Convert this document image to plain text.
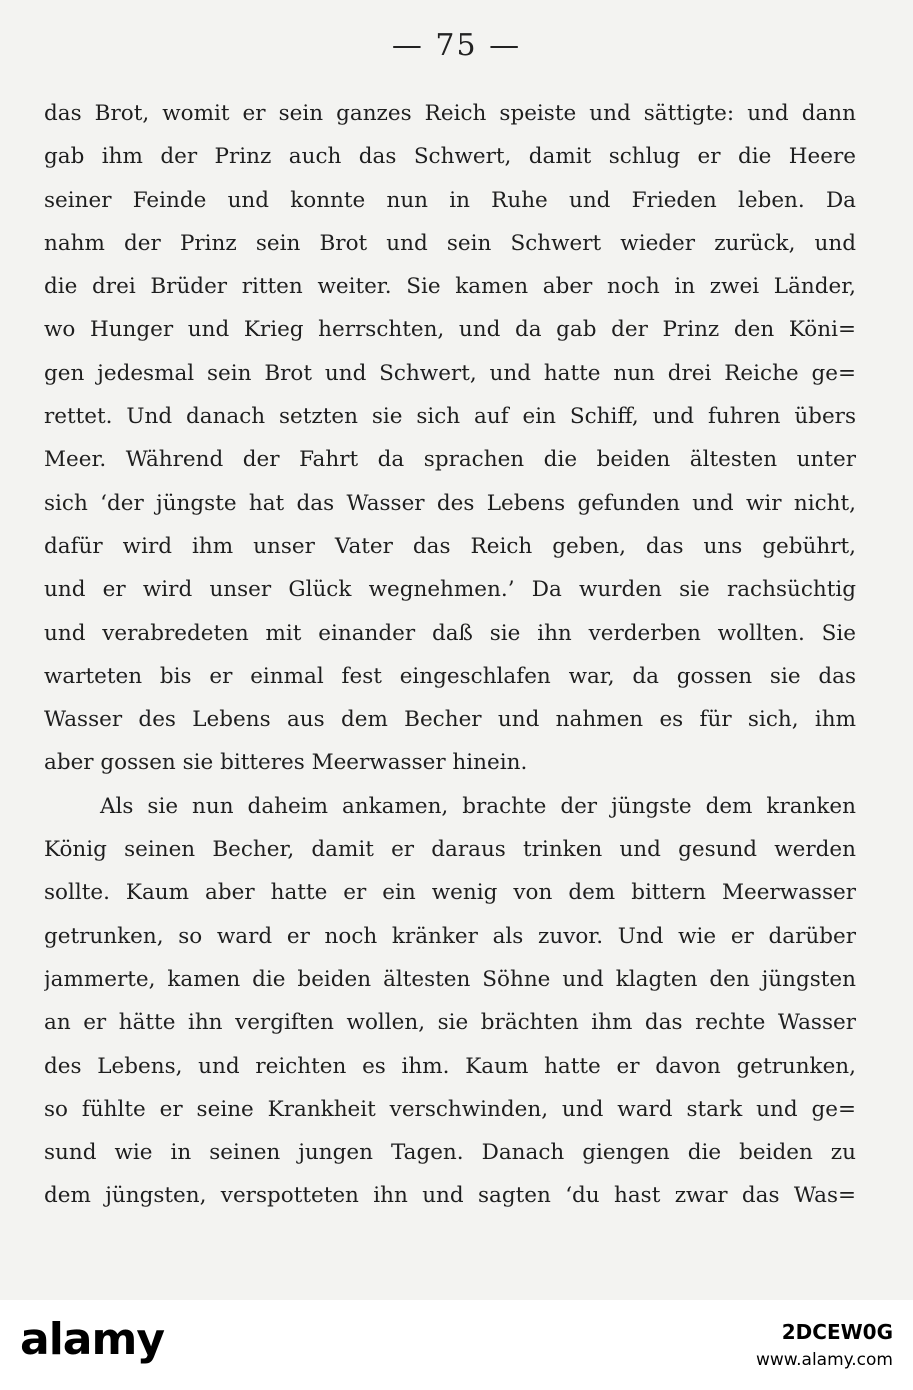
— 75 —
das Brot, womit er sein ganzes Reich speiste und sättigte: und dann
gab ihm der Prinz auch das Schwert, damit schlug er die Heere
seiner Feinde und konnte nun in Ruhe und Frieden leben. Da
nahm der Prinz sein Brot und sein Schwert wieder zurück, und
die drei Brüder ritten weiter. Sie kamen aber noch in zwei Länder,
wo Hunger und Krieg herrschten, und da gab der Prinz den Köni=
gen jedesmal sein Brot und Schwert, und hatte nun drei Reiche ge=
rettet. Und danach setzten sie sich auf ein Schiff, und fuhren übers
Meer. Während der Fahrt da sprachen die beiden ältesten unter
sich ‘der jüngste hat das Wasser des Lebens gefunden und wir nicht,
dafür wird ihm unser Vater das Reich geben, das uns gebührt,
und er wird unser Glück wegnehmen.’ Da wurden sie rachsüchtig
und verabredeten mit einander daß sie ihn verderben wollten. Sie
warteten bis er einmal fest eingeschlafen war, da gossen sie das
Wasser des Lebens aus dem Becher und nahmen es für sich, ihm
aber gossen sie bitteres Meerwasser hinein.
Als sie nun daheim ankamen, brachte der jüngste dem kranken
König seinen Becher, damit er daraus trinken und gesund werden
sollte. Kaum aber hatte er ein wenig von dem bittern Meerwasser
getrunken, so ward er noch kränker als zuvor. Und wie er darüber
jammerte, kamen die beiden ältesten Söhne und klagten den jüngsten
an er hätte ihn vergiften wollen, sie brächten ihm das rechte Wasser
des Lebens, und reichten es ihm. Kaum hatte er davon getrunken,
so fühlte er seine Krankheit verschwinden, und ward stark und ge=
sund wie in seinen jungen Tagen. Danach giengen die beiden zu
dem jüngsten, verspotteten ihn und sagten ‘du hast zwar das Was=
alamy	2DCEW0G
www.alamy.com
